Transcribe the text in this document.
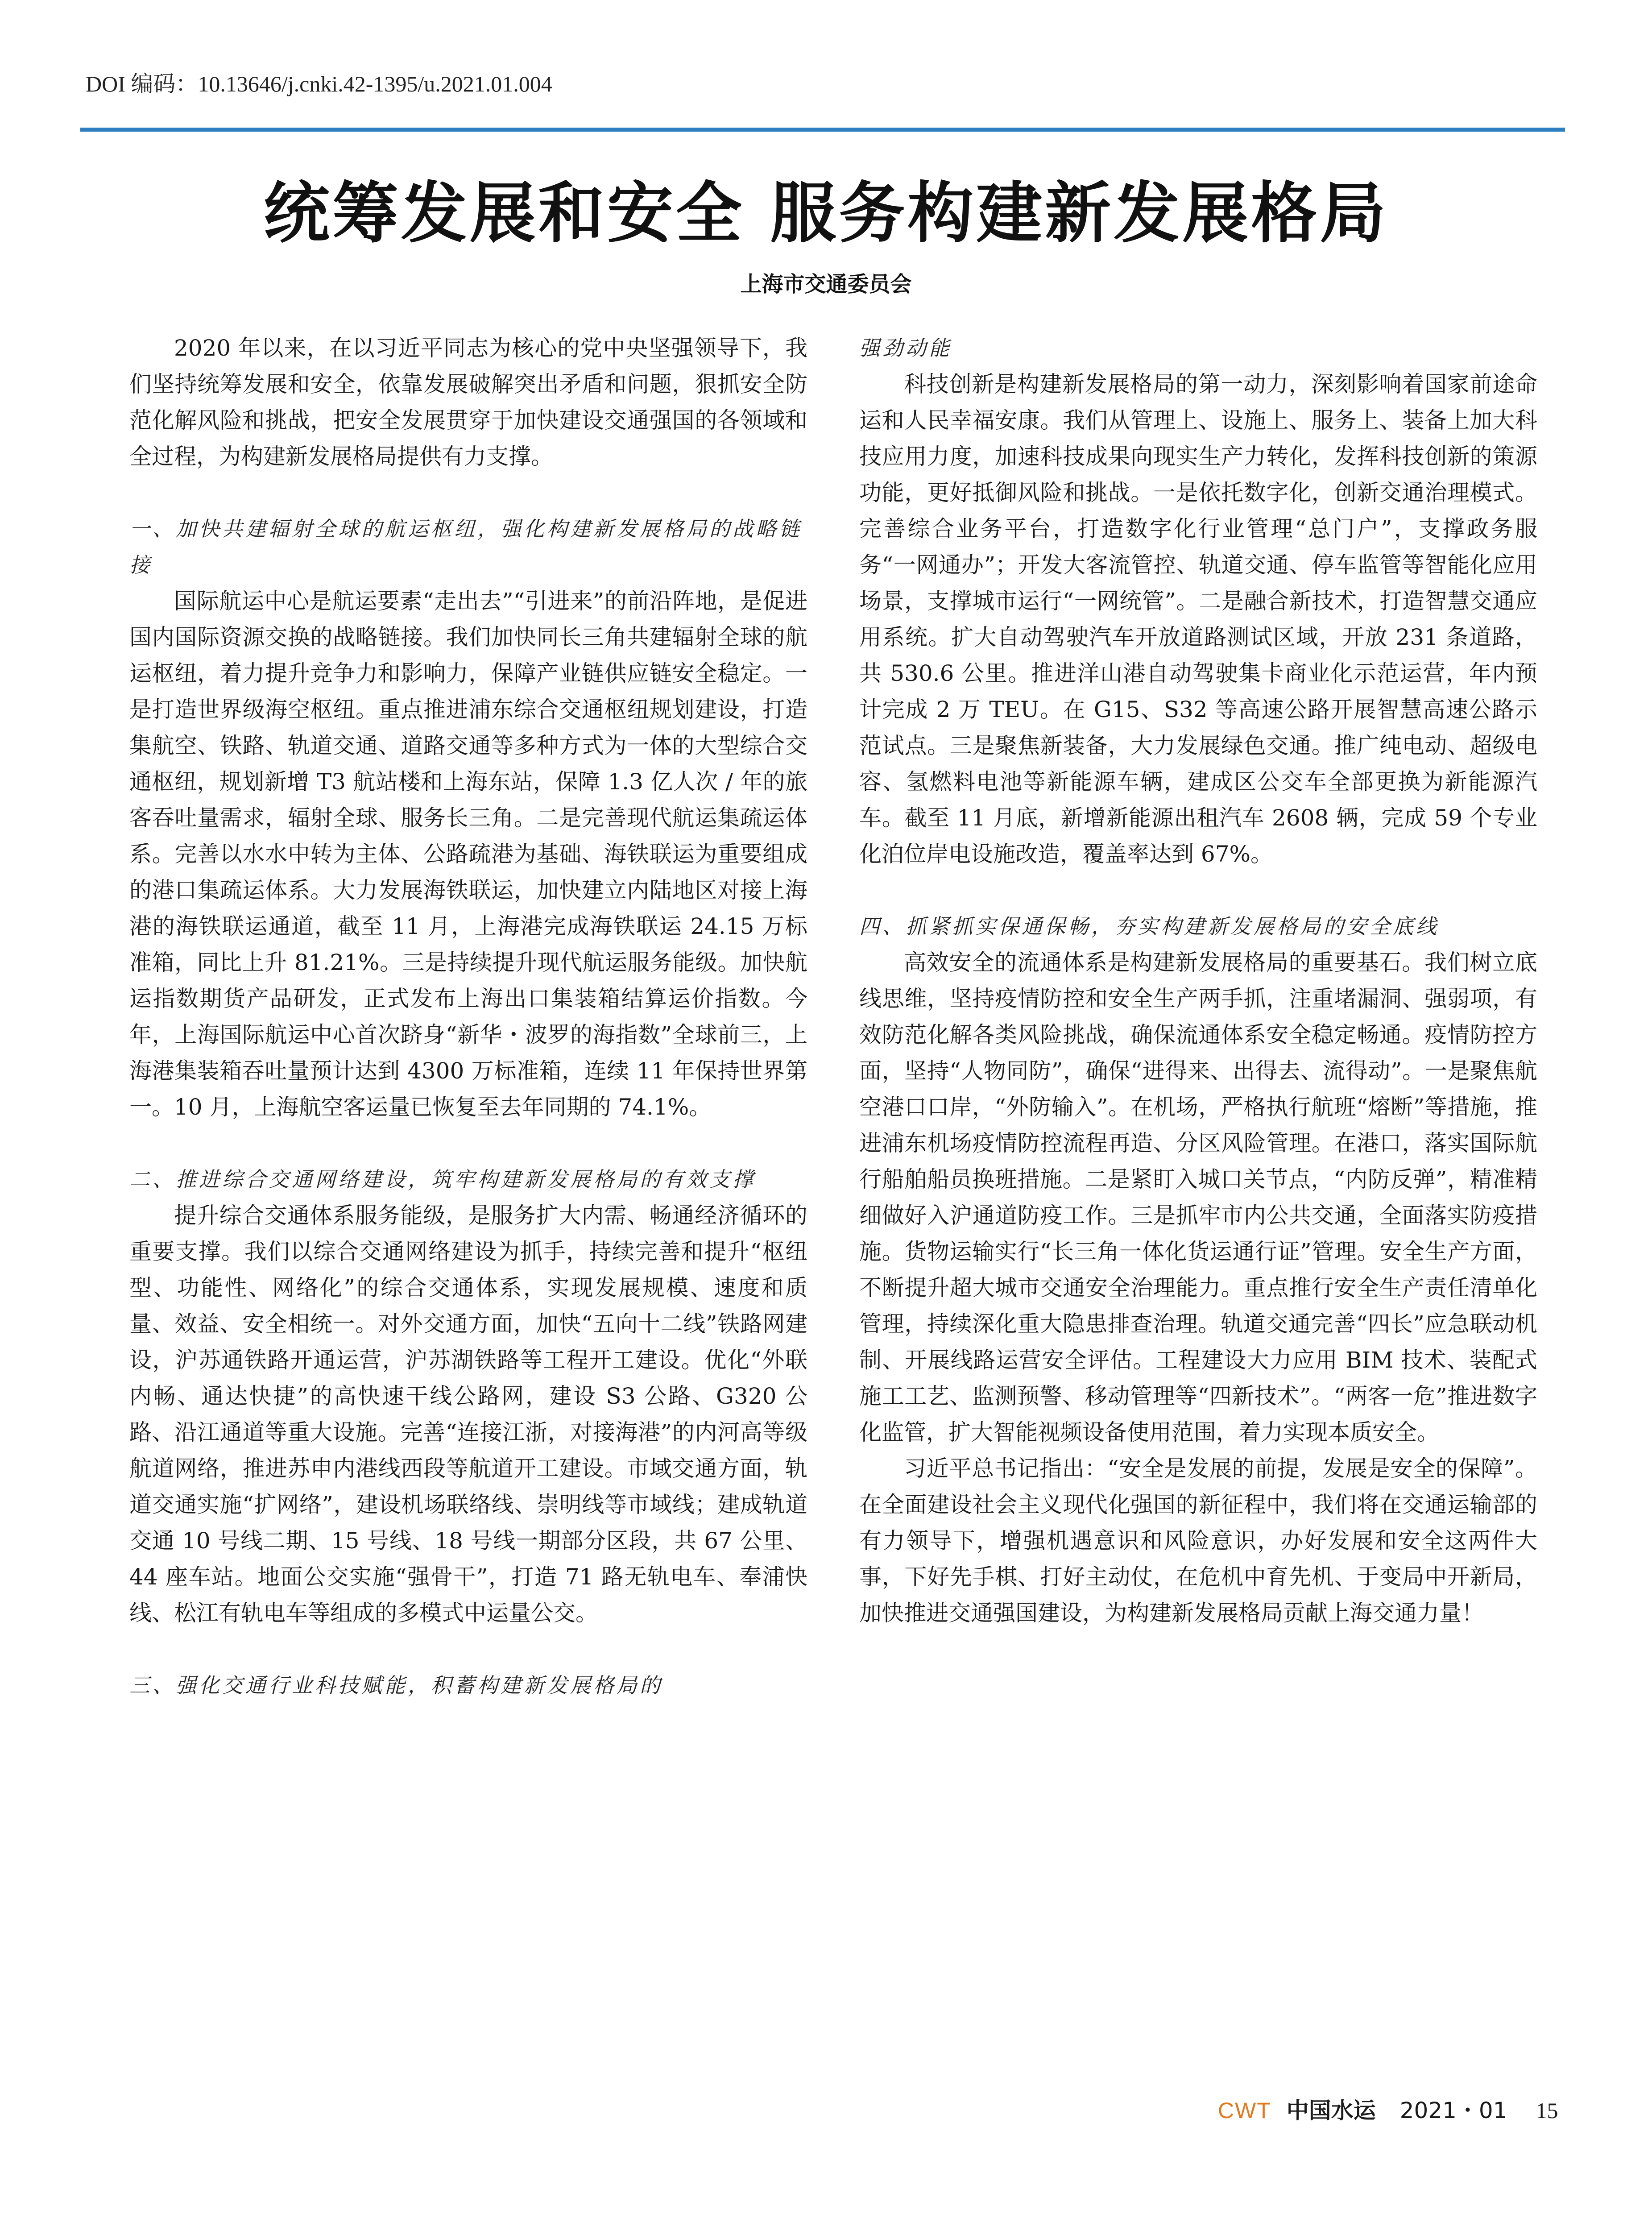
DOI 编码：10.13646/j.cnki.42-1395/u.2021.01.004
统筹发展和安全 服务构建新发展格局
上海市交通委员会

2020 年以来，在以习近平同志为核心的党中央坚强领导下，我们坚持统筹发展和安全，依靠发展破解突出矛盾和问题，狠抓安全防范化解风险和挑战，把安全发展贯穿于加快建设交通强国的各领域和全过程，为构建新发展格局提供有力支撑。

一、加快共建辐射全球的航运枢纽，强化构建新发展格局的战略链接

国际航运中心是航运要素“走出去”“引进来”的前沿阵地，是促进国内国际资源交换的战略链接。我们加快同长三角共建辐射全球的航运枢纽，着力提升竞争力和影响力，保障产业链供应链安全稳定。一是打造世界级海空枢纽。重点推进浦东综合交通枢纽规划建设，打造集航空、铁路、轨道交通、道路交通等多种方式为一体的大型综合交通枢纽，规划新增 T3 航站楼和上海东站，保障 1.3 亿人次 / 年的旅客吞吐量需求，辐射全球、服务长三角。二是完善现代航运集疏运体系。完善以水水中转为主体、公路疏港为基础、海铁联运为重要组成的港口集疏运体系。大力发展海铁联运，加快建立内陆地区对接上海港的海铁联运通道，截至 11 月，上海港完成海铁联运 24.15 万标准箱，同比上升 81.21%。三是持续提升现代航运服务能级。加快航运指数期货产品研发，正式发布上海出口集装箱结算运价指数。今年，上海国际航运中心首次跻身“新华・波罗的海指数”全球前三，上海港集装箱吞吐量预计达到 4300 万标准箱，连续 11 年保持世界第一。10 月，上海航空客运量已恢复至去年同期的 74.1%。

二、推进综合交通网络建设，筑牢构建新发展格局的有效支撑

提升综合交通体系服务能级，是服务扩大内需、畅通经济循环的重要支撑。我们以综合交通网络建设为抓手，持续完善和提升“枢纽型、功能性、网络化”的综合交通体系，实现发展规模、速度和质量、效益、安全相统一。对外交通方面，加快“五向十二线”铁路网建设，沪苏通铁路开通运营，沪苏湖铁路等工程开工建设。优化“外联内畅、通达快捷”的高快速干线公路网，建设 S3 公路、G320 公路、沿江通道等重大设施。完善“连接江浙，对接海港”的内河高等级航道网络，推进苏申内港线西段等航道开工建设。市域交通方面，轨道交通实施“扩网络”，建设机场联络线、崇明线等市域线；建成轨道交通 10 号线二期、15 号线、18 号线一期部分区段，共 67 公里、44 座车站。地面公交实施“强骨干”，打造 71 路无轨电车、奉浦快线、松江有轨电车等组成的多模式中运量公交。

三、强化交通行业科技赋能，积蓄构建新发展格局的

强劲动能

科技创新是构建新发展格局的第一动力，深刻影响着国家前途命运和人民幸福安康。我们从管理上、设施上、服务上、装备上加大科技应用力度，加速科技成果向现实生产力转化，发挥科技创新的策源功能，更好抵御风险和挑战。一是依托数字化，创新交通治理模式。完善综合业务平台，打造数字化行业管理“总门户”，支撑政务服务“一网通办”；开发大客流管控、轨道交通、停车监管等智能化应用场景，支撑城市运行“一网统管”。二是融合新技术，打造智慧交通应用系统。扩大自动驾驶汽车开放道路测试区域，开放 231 条道路，共 530.6 公里。推进洋山港自动驾驶集卡商业化示范运营，年内预计完成 2 万 TEU。在 G15、S32 等高速公路开展智慧高速公路示范试点。三是聚焦新装备，大力发展绿色交通。推广纯电动、超级电容、氢燃料电池等新能源车辆，建成区公交车全部更换为新能源汽车。截至 11 月底，新增新能源出租汽车 2608 辆，完成 59 个专业化泊位岸电设施改造，覆盖率达到 67%。

四、抓紧抓实保通保畅，夯实构建新发展格局的安全底线

高效安全的流通体系是构建新发展格局的重要基石。我们树立底线思维，坚持疫情防控和安全生产两手抓，注重堵漏洞、强弱项，有效防范化解各类风险挑战，确保流通体系安全稳定畅通。疫情防控方面，坚持“人物同防”，确保“进得来、出得去、流得动”。一是聚焦航空港口口岸，“外防输入”。在机场，严格执行航班“熔断”等措施，推进浦东机场疫情防控流程再造、分区风险管理。在港口，落实国际航行船舶船员换班措施。二是紧盯入城口关节点，“内防反弹”，精准精细做好入沪通道防疫工作。三是抓牢市内公共交通，全面落实防疫措施。货物运输实行“长三角一体化货运通行证”管理。安全生产方面，不断提升超大城市交通安全治理能力。重点推行安全生产责任清单化管理，持续深化重大隐患排查治理。轨道交通完善“四长”应急联动机制、开展线路运营安全评估。工程建设大力应用 BIM 技术、装配式施工工艺、监测预警、移动管理等“四新技术”。“两客一危”推进数字化监管，扩大智能视频设备使用范围，着力实现本质安全。

习近平总书记指出：“安全是发展的前提，发展是安全的保障”。在全面建设社会主义现代化强国的新征程中，我们将在交通运输部的有力领导下，增强机遇意识和风险意识，办好发展和安全这两件大事，下好先手棋、打好主动仗，在危机中育先机、于变局中开新局，加快推进交通强国建设，为构建新发展格局贡献上海交通力量！

CWT 中国水运 2021・01 15
